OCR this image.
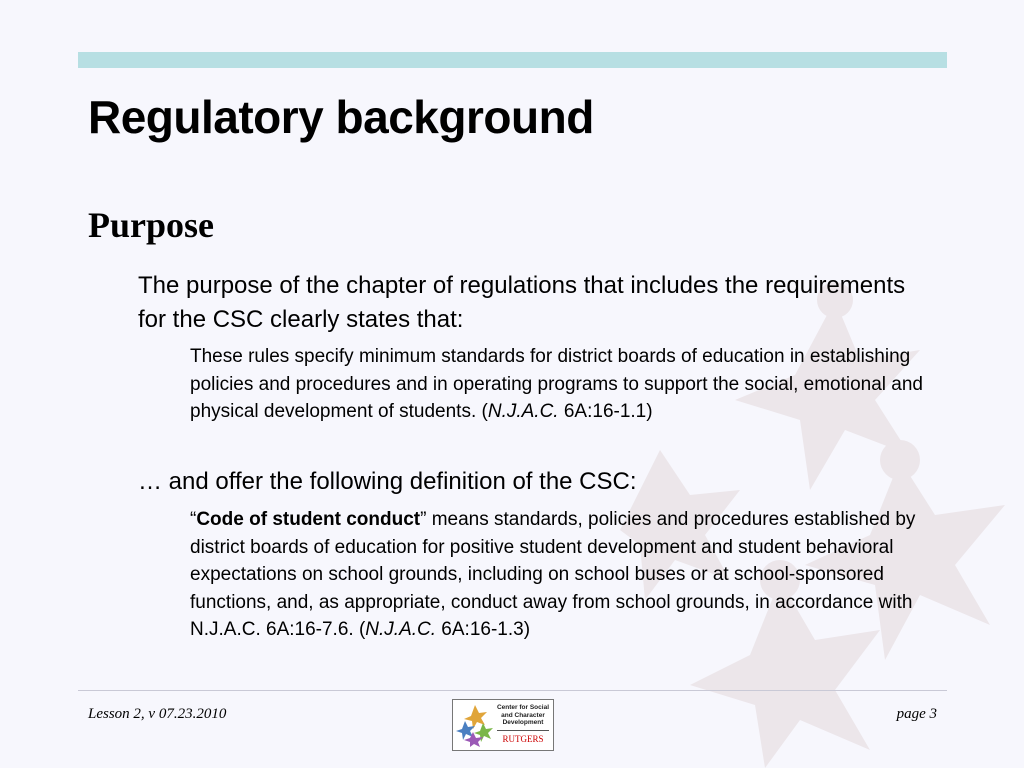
Regulatory background
Purpose
The purpose of the chapter of regulations that includes the requirements for the CSC clearly states that:
These rules specify minimum standards for district boards of education in establishing policies and procedures and in operating programs to support the social, emotional and physical development of students. (N.J.A.C. 6A:16-1.1)
… and offer the following definition of the CSC:
“Code of student conduct” means standards, policies and procedures established by district boards of education for positive student development and student behavioral expectations on school grounds, including on school buses or at school-sponsored functions, and, as appropriate, conduct away from school grounds, in accordance with N.J.A.C. 6A:16-7.6. (N.J.A.C. 6A:16-1.3)
Lesson 2, v 07.23.2010	page 3
Center for Social
and Character
Development
RUTGERS
